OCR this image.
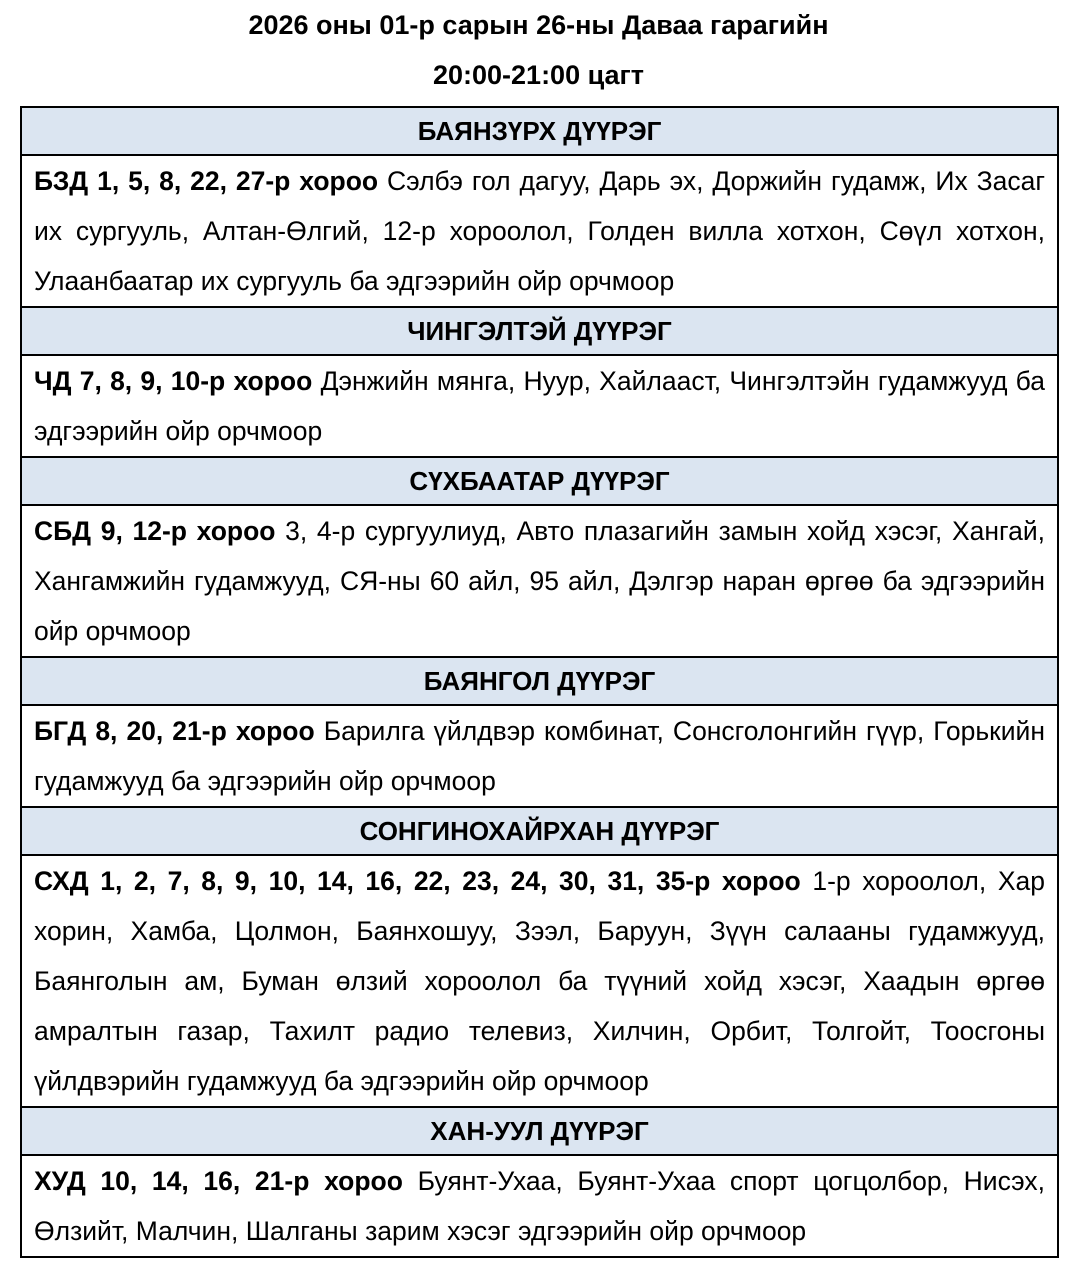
2026 оны 01-р сарын 26-ны Даваа гарагийн
20:00-21:00 цагт
БАЯНЗҮРХ ДҮҮРЭГ
БЗД 1, 5, 8, 22, 27-р хороо Сэлбэ гол дагуу, Дарь эх, Доржийн гудамж, Их Засаг их сургууль, Алтан-Өлгий, 12-р хороолол, Голден вилла хотхон, Сөүл хотхон, Улаанбаатар их сургууль ба эдгээрийн ойр орчмоор
ЧИНГЭЛТЭЙ ДҮҮРЭГ
ЧД 7, 8, 9, 10-р хороо Дэнжийн мянга, Нуур, Хайлааст, Чингэлтэйн гудамжууд ба эдгээрийн ойр орчмоор
СҮХБААТАР ДҮҮРЭГ
СБД 9, 12-р хороо 3, 4-р сургуулиуд, Авто плазагийн замын хойд хэсэг, Хангай, Хангамжийн гудамжууд, СЯ-ны 60 айл, 95 айл, Дэлгэр наран өргөө ба эдгээрийн ойр орчмоор
БАЯНГОЛ ДҮҮРЭГ
БГД 8, 20, 21-р хороо Барилга үйлдвэр комбинат, Сонсголонгийн гүүр, Горькийн гудамжууд ба эдгээрийн ойр орчмоор
СОНГИНОХАЙРХАН ДҮҮРЭГ
СХД 1, 2, 7, 8, 9, 10, 14, 16, 22, 23, 24, 30, 31, 35-р хороо 1-р хороолол, Хар хорин, Хамба, Цолмон, Баянхошуу, Зээл, Баруун, Зүүн салааны гудамжууд, Баянголын ам, Буман өлзий хороолол ба түүний хойд хэсэг, Хаадын өргөө амралтын газар, Тахилт радио телевиз, Хилчин, Орбит, Толгойт, Тоосгоны үйлдвэрийн гудамжууд ба эдгээрийн ойр орчмоор
ХАН-УУЛ ДҮҮРЭГ
ХУД 10, 14, 16, 21-р хороо Буянт-Ухаа, Буянт-Ухаа спорт цогцолбор, Нисэх, Өлзийт, Малчин, Шалганы зарим хэсэг эдгээрийн ойр орчмоор
